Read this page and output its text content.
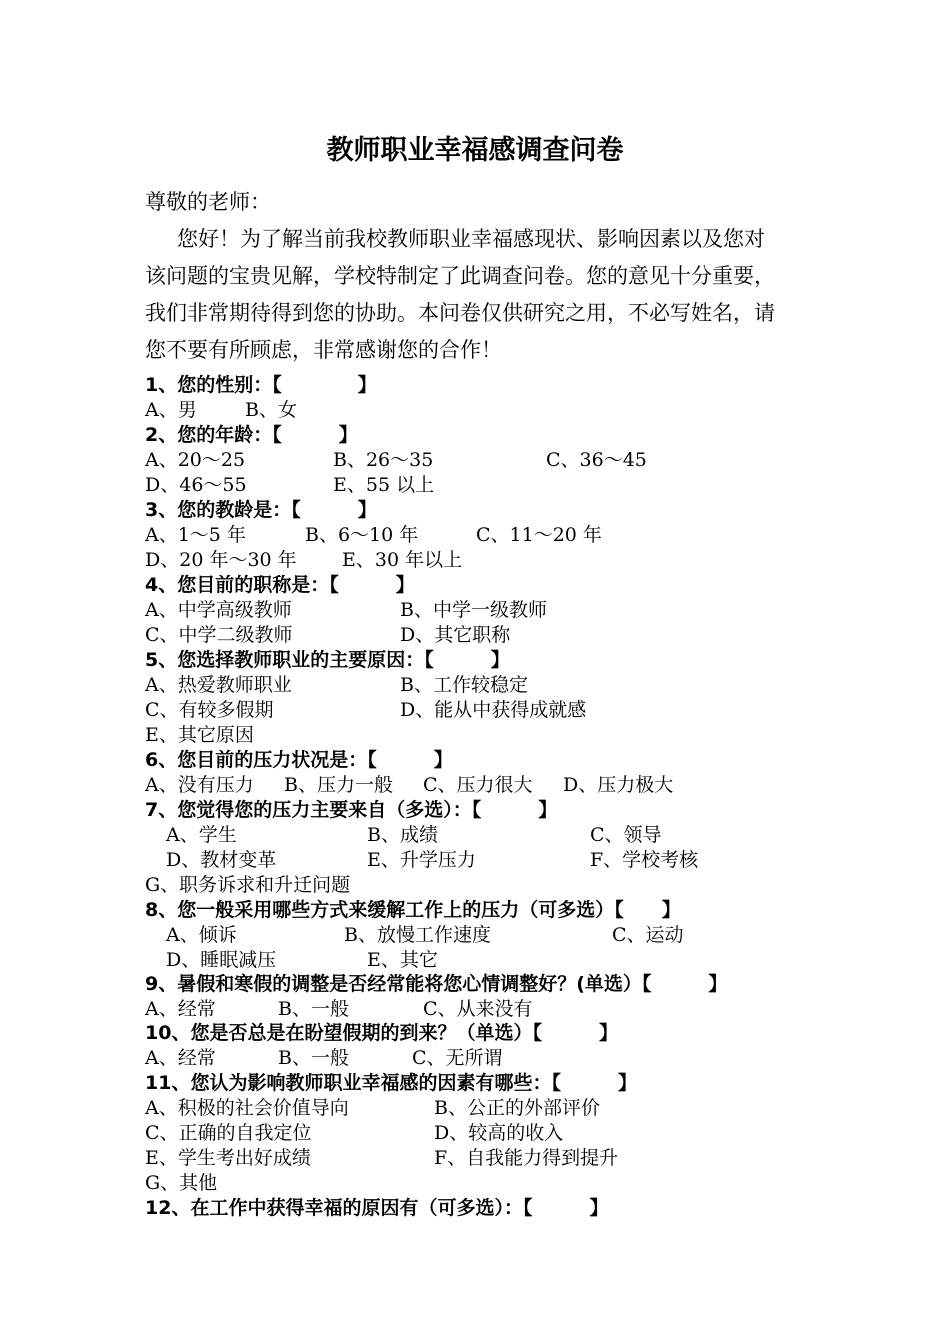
教师职业幸福感调查问卷
尊敬的老师：
您好！为了解当前我校教师职业幸福感现状、影响因素以及您对
该问题的宝贵见解，学校特制定了此调查问卷。您的意见十分重要，
我们非常期待得到您的协助。本问卷仅供研究之用，不必写姓名，请
您不要有所顾虑，非常感谢您的合作！
1、您的性别：【　　　　】
A、男	B、女
2、您的年龄：【　　　】
A、20～25	B、26～35	C、36～45
D、46～55	E、55 以上
3、您的教龄是：【　　　】
A、1～5 年	B、6～10 年	C、11～20 年
D、20 年～30 年 E、30 年以上
4、您目前的职称是：【　　　】
A、中学高级教师	B、中学一级教师
C、中学二级教师	D、其它职称
5、您选择教师职业的主要原因：【　　　】
A、热爱教师职业	B、工作较稳定
C、有较多假期	D、能从中获得成就感
E、其它原因
6、您目前的压力状况是：【　　　】
A、没有压力 B、压力一般 C、压力很大 D、压力极大
7、您觉得您的压力主要来自（多选）：【　　　】
A、学生	B、成绩	C、领导
D、教材变革	E、升学压力	F、学校考核
G、职务诉求和升迁问题
8、您一般采用哪些方式来缓解工作上的压力（可多选）【　　】
A、倾诉	B、放慢工作速度	C、运动
D、睡眠减压	E、其它
9、暑假和寒假的调整是否经常能将您心情调整好？(单选）【　　　】
A、经常	B、一般	C、从来没有
10、您是否总是在盼望假期的到来？（单选）【　　　】
A、经常	B、一般	C、无所谓
11、您认为影响教师职业幸福感的因素有哪些：【　　　】
A、积极的社会价值导向	B、公正的外部评价
C、正确的自我定位	D、较高的收入
E、学生考出好成绩	F、自我能力得到提升
G、其他
12、在工作中获得幸福的原因有（可多选）：【　　　】
